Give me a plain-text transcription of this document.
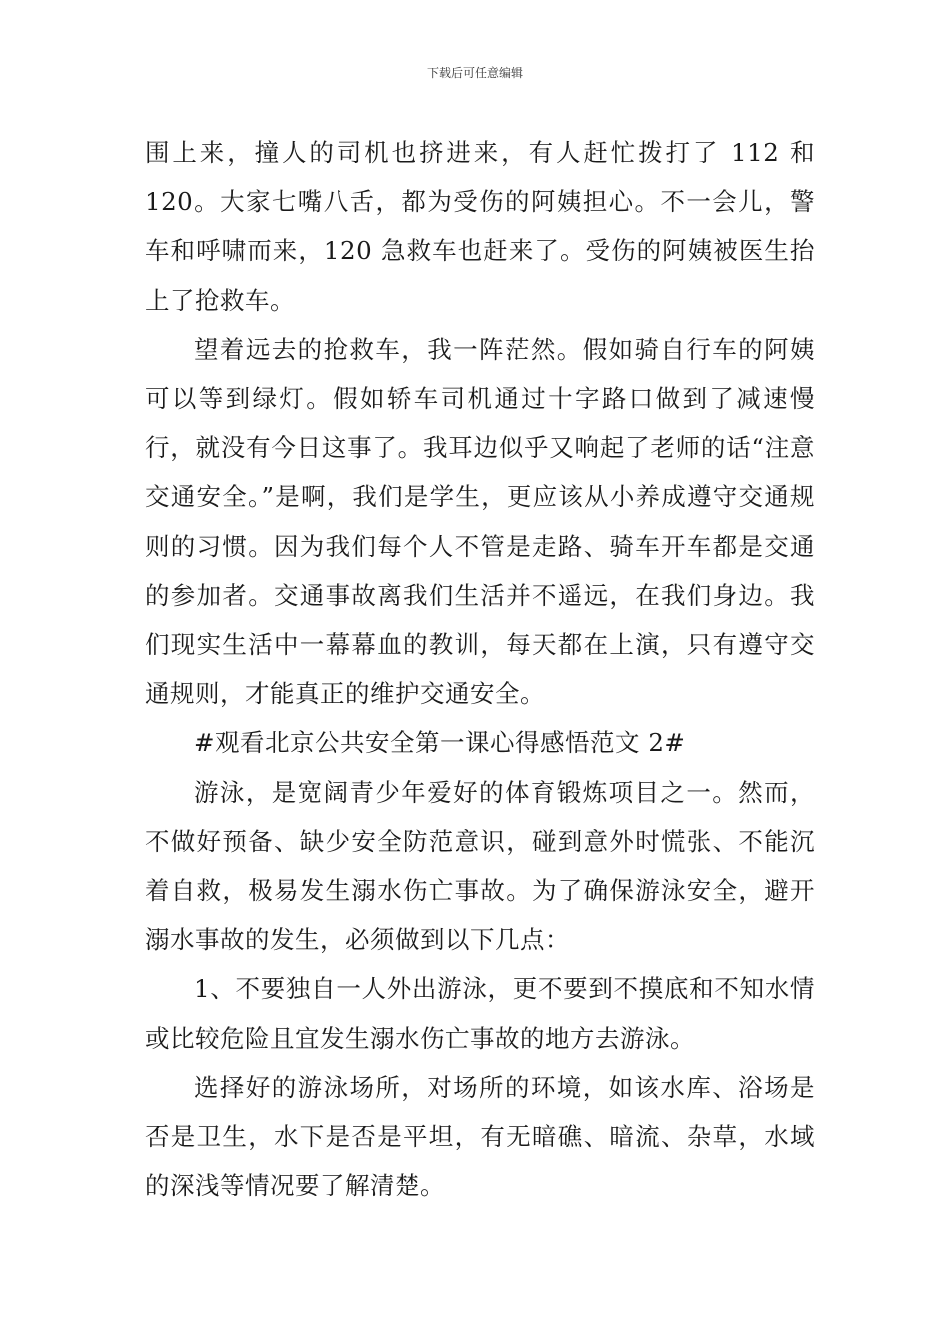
下载后可任意编辑

围上来，撞人的司机也挤进来，有人赶忙拨打了 112 和 120。大家七嘴八舌，都为受伤的阿姨担心。不一会儿，警车和呼啸而来，120 急救车也赶来了。受伤的阿姨被医生抬上了抢救车。

望着远去的抢救车，我一阵茫然。假如骑自行车的阿姨可以等到绿灯。假如轿车司机通过十字路口做到了减速慢行，就没有今日这事了。我耳边似乎又响起了老师的话“注意交通安全。”是啊，我们是学生，更应该从小养成遵守交通规则的习惯。因为我们每个人不管是走路、骑车开车都是交通的参加者。交通事故离我们生活并不遥远，在我们身边。我们现实生活中一幕幕血的教训，每天都在上演，只有遵守交通规则，才能真正的维护交通安全。

#观看北京公共安全第一课心得感悟范文 2#

游泳，是宽阔青少年爱好的体育锻炼项目之一。然而，不做好预备、缺少安全防范意识，碰到意外时慌张、不能沉着自救，极易发生溺水伤亡事故。为了确保游泳安全，避开溺水事故的发生，必须做到以下几点：

1、不要独自一人外出游泳，更不要到不摸底和不知水情或比较危险且宜发生溺水伤亡事故的地方去游泳。

选择好的游泳场所，对场所的环境，如该水库、浴场是否是卫生，水下是否是平坦，有无暗礁、暗流、杂草，水域的深浅等情况要了解清楚。
